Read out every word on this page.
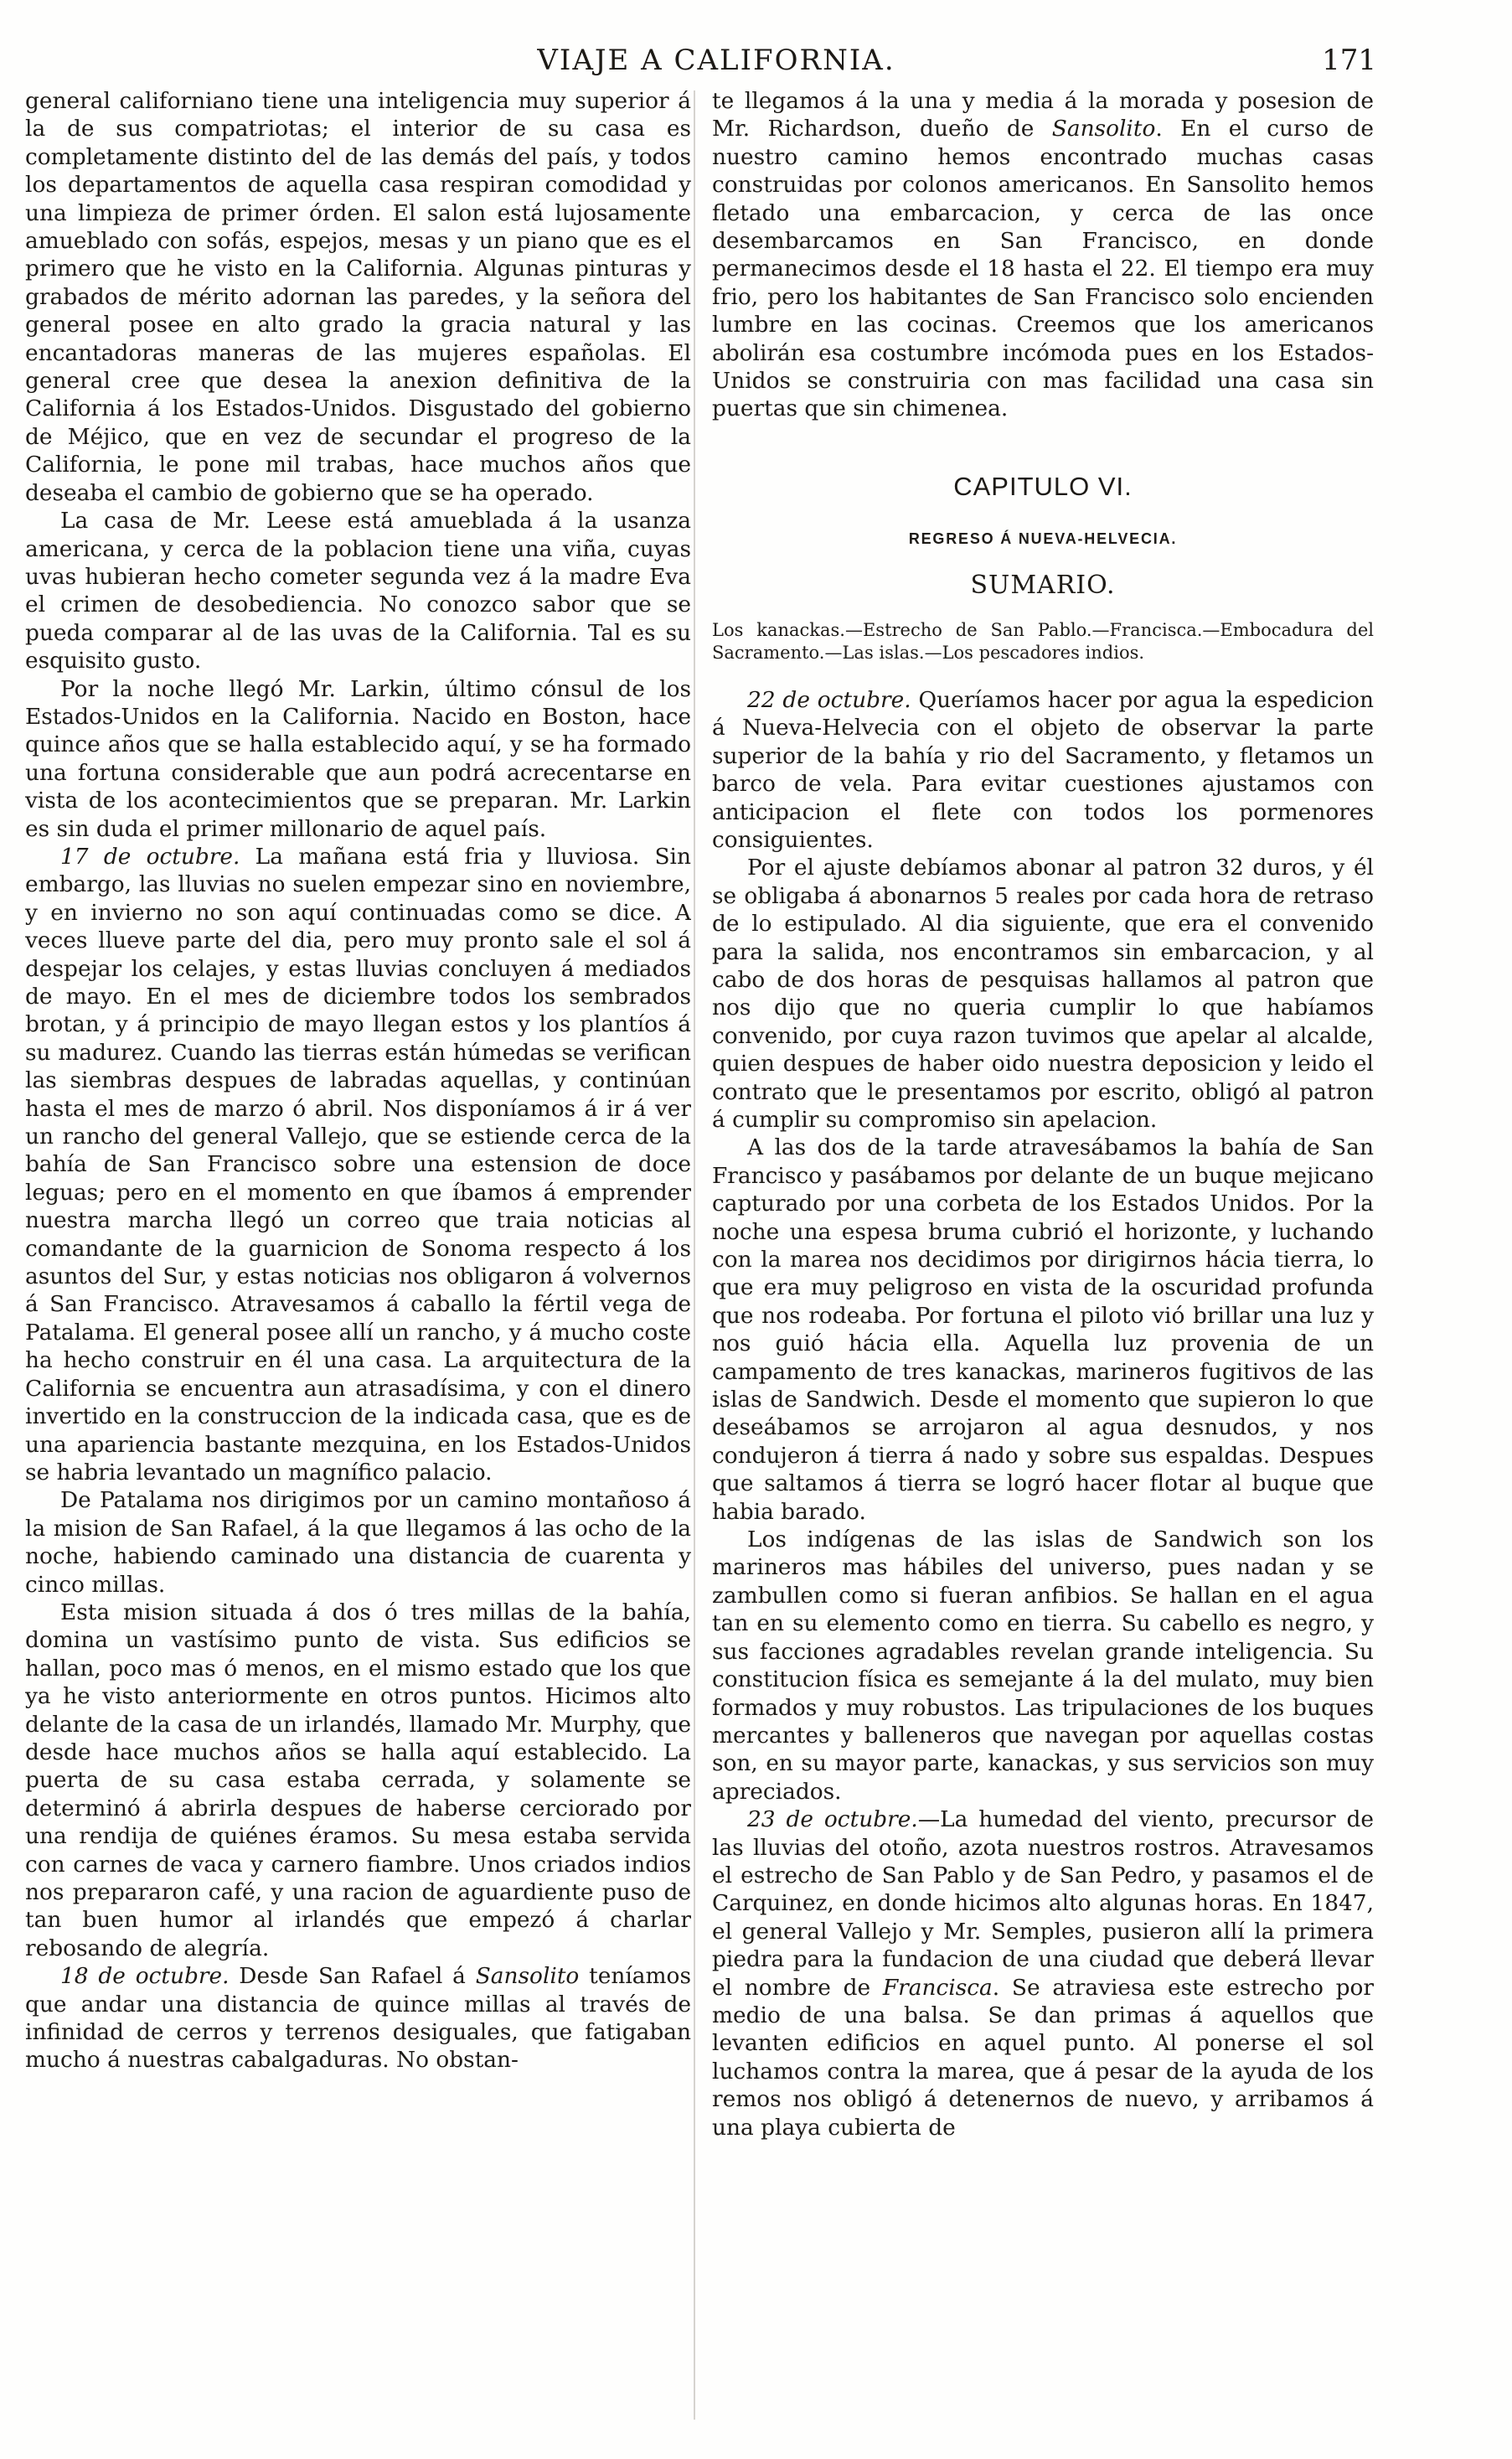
VIAJE A CALIFORNIA.	171

general californiano tiene una inteligencia muy superior á la de sus compatriotas; el interior de su casa es completamente distinto del de las demás del país, y todos los departamentos de aquella casa respiran comodidad y una limpieza de primer órden. El salon está lujosamente amueblado con sofás, espejos, mesas y un piano que es el primero que he visto en la California. Algunas pinturas y grabados de mérito adornan las paredes, y la señora del general posee en alto grado la gracia natural y las encantadoras maneras de las mujeres españolas. El general cree que desea la anexion definitiva de la California á los Estados-Unidos. Disgustado del gobierno de Méjico, que en vez de secundar el progreso de la California, le pone mil trabas, hace muchos años que deseaba el cambio de gobierno que se ha operado.

La casa de Mr. Leese está amueblada á la usanza americana, y cerca de la poblacion tiene una viña, cuyas uvas hubieran hecho cometer segunda vez á la madre Eva el crimen de desobediencia. No conozco sabor que se pueda comparar al de las uvas de la California. Tal es su esquisito gusto.

Por la noche llegó Mr. Larkin, último cónsul de los Estados-Unidos en la California. Nacido en Boston, hace quince años que se halla establecido aquí, y se ha formado una fortuna considerable que aun podrá acrecentarse en vista de los acontecimientos que se preparan. Mr. Larkin es sin duda el primer millonario de aquel país.

17 de octubre. La mañana está fria y lluviosa. Sin embargo, las lluvias no suelen empezar sino en noviembre, y en invierno no son aquí continuadas como se dice. A veces llueve parte del dia, pero muy pronto sale el sol á despejar los celajes, y estas lluvias concluyen á mediados de mayo. En el mes de diciembre todos los sembrados brotan, y á principio de mayo llegan estos y los plantíos á su madurez. Cuando las tierras están húmedas se verifican las siembras despues de labradas aquellas, y continúan hasta el mes de marzo ó abril. Nos disponíamos á ir á ver un rancho del general Vallejo, que se estiende cerca de la bahía de San Francisco sobre una estension de doce leguas; pero en el momento en que íbamos á emprender nuestra marcha llegó un correo que traia noticias al comandante de la guarnicion de Sonoma respecto á los asuntos del Sur, y estas noticias nos obligaron á volvernos á San Francisco. Atravesamos á caballo la fértil vega de Patalama. El general posee allí un rancho, y á mucho coste ha hecho construir en él una casa. La arquitectura de la California se encuentra aun atrasadísima, y con el dinero invertido en la construccion de la indicada casa, que es de una apariencia bastante mezquina, en los Estados-Unidos se habria levantado un magnífico palacio.

De Patalama nos dirigimos por un camino montañoso á la mision de San Rafael, á la que llegamos á las ocho de la noche, habiendo caminado una distancia de cuarenta y cinco millas.

Esta mision situada á dos ó tres millas de la bahía, domina un vastísimo punto de vista. Sus edificios se hallan, poco mas ó menos, en el mismo estado que los que ya he visto anteriormente en otros puntos. Hicimos alto delante de la casa de un irlandés, llamado Mr. Murphy, que desde hace muchos años se halla aquí establecido. La puerta de su casa estaba cerrada, y solamente se determinó á abrirla despues de haberse cerciorado por una rendija de quiénes éramos. Su mesa estaba servida con carnes de vaca y carnero fiambre. Unos criados indios nos prepararon café, y una racion de aguardiente puso de tan buen humor al irlandés que empezó á charlar rebosando de alegría.

18 de octubre. Desde San Rafael á Sansolito teníamos que andar una distancia de quince millas al través de infinidad de cerros y terrenos desiguales, que fatigaban mucho á nuestras cabalgaduras. No obstan-

te llegamos á la una y media á la morada y posesion de Mr. Richardson, dueño de Sansolito. En el curso de nuestro camino hemos encontrado muchas casas construidas por colonos americanos. En Sansolito hemos fletado una embarcacion, y cerca de las once desembarcamos en San Francisco, en donde permanecimos desde el 18 hasta el 22. El tiempo era muy frio, pero los habitantes de San Francisco solo encienden lumbre en las cocinas. Creemos que los americanos abolirán esa costumbre incómoda pues en los Estados-Unidos se construiria con mas facilidad una casa sin puertas que sin chimenea.

CAPITULO VI.
REGRESO Á NUEVA-HELVECIA.
SUMARIO.
Los kanackas.—Estrecho de San Pablo.—Francisca.—Embocadura del Sacramento.—Las islas.—Los pescadores indios.

22 de octubre. Queríamos hacer por agua la espedicion á Nueva-Helvecia con el objeto de observar la parte superior de la bahía y rio del Sacramento, y fletamos un barco de vela. Para evitar cuestiones ajustamos con anticipacion el flete con todos los pormenores consiguientes.

Por el ajuste debíamos abonar al patron 32 duros, y él se obligaba á abonarnos 5 reales por cada hora de retraso de lo estipulado. Al dia siguiente, que era el convenido para la salida, nos encontramos sin embarcacion, y al cabo de dos horas de pesquisas hallamos al patron que nos dijo que no queria cumplir lo que habíamos convenido, por cuya razon tuvimos que apelar al alcalde, quien despues de haber oido nuestra deposicion y leido el contrato que le presentamos por escrito, obligó al patron á cumplir su compromiso sin apelacion.

A las dos de la tarde atravesábamos la bahía de San Francisco y pasábamos por delante de un buque mejicano capturado por una corbeta de los Estados Unidos. Por la noche una espesa bruma cubrió el horizonte, y luchando con la marea nos decidimos por dirigirnos hácia tierra, lo que era muy peligroso en vista de la oscuridad profunda que nos rodeaba. Por fortuna el piloto vió brillar una luz y nos guió hácia ella. Aquella luz provenia de un campamento de tres kanackas, marineros fugitivos de las islas de Sandwich. Desde el momento que supieron lo que deseábamos se arrojaron al agua desnudos, y nos condujeron á tierra á nado y sobre sus espaldas. Despues que saltamos á tierra se logró hacer flotar al buque que habia barado.

Los indígenas de las islas de Sandwich son los marineros mas hábiles del universo, pues nadan y se zambullen como si fueran anfibios. Se hallan en el agua tan en su elemento como en tierra. Su cabello es negro, y sus facciones agradables revelan grande inteligencia. Su constitucion física es semejante á la del mulato, muy bien formados y muy robustos. Las tripulaciones de los buques mercantes y balleneros que navegan por aquellas costas son, en su mayor parte, kanackas, y sus servicios son muy apreciados.

23 de octubre.—La humedad del viento, precursor de las lluvias del otoño, azota nuestros rostros. Atravesamos el estrecho de San Pablo y de San Pedro, y pasamos el de Carquinez, en donde hicimos alto algunas horas. En 1847, el general Vallejo y Mr. Semples, pusieron allí la primera piedra para la fundacion de una ciudad que deberá llevar el nombre de Francisca. Se atraviesa este estrecho por medio de una balsa. Se dan primas á aquellos que levanten edificios en aquel punto. Al ponerse el sol luchamos contra la marea, que á pesar de la ayuda de los remos nos obligó á detenernos de nuevo, y arribamos á una playa cubierta de
